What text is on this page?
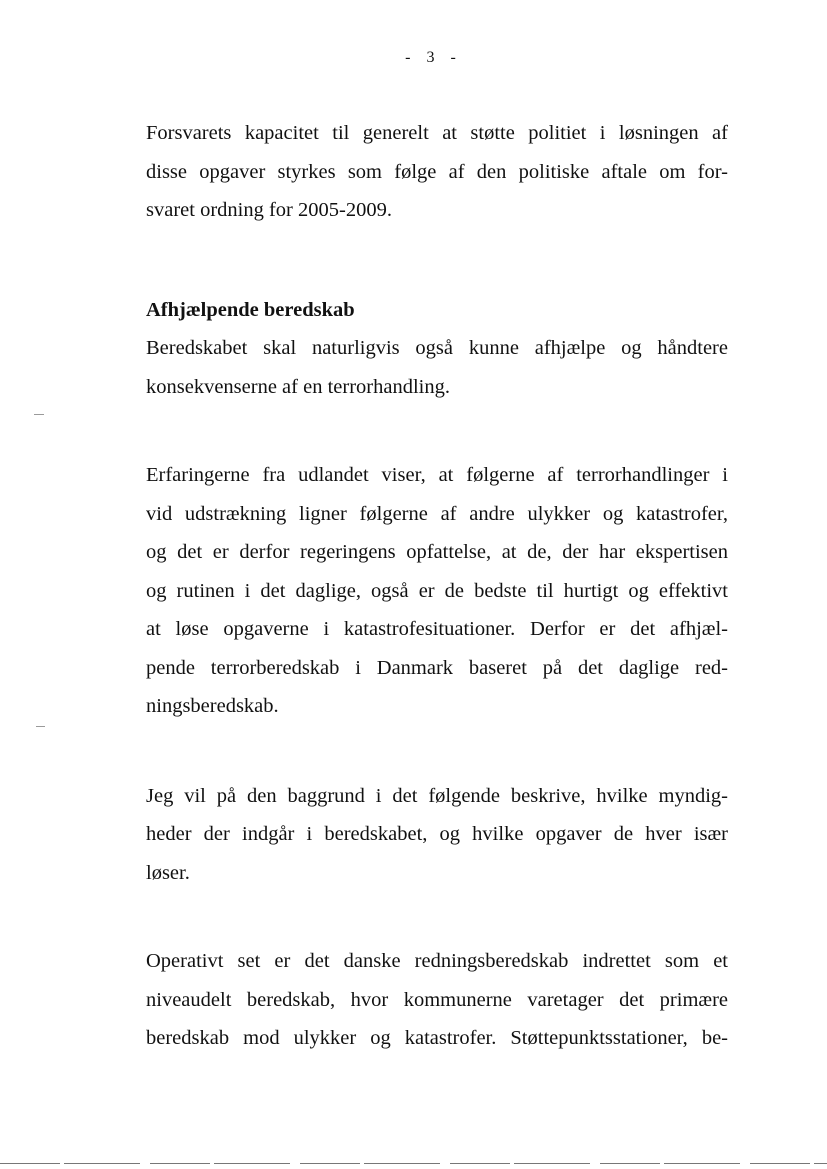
- 3 -

Forsvarets kapacitet til generelt at støtte politiet i løsningen af
disse opgaver styrkes som følge af den politiske aftale om for-
svaret ordning for 2005-2009.

Afhjælpende beredskab

Beredskabet skal naturligvis også kunne afhjælpe og håndtere
konsekvenserne af en terrorhandling.

Erfaringerne fra udlandet viser, at følgerne af terrorhandlinger i
vid udstrækning ligner følgerne af andre ulykker og katastrofer,
og det er derfor regeringens opfattelse, at de, der har ekspertisen
og rutinen i det daglige, også er de bedste til hurtigt og effektivt
at løse opgaverne i katastrofesituationer. Derfor er det afhjæl-
pende terrorberedskab i Danmark baseret på det daglige red-
ningsberedskab.

Jeg vil på den baggrund i det følgende beskrive, hvilke myndig-
heder der indgår i beredskabet, og hvilke opgaver de hver især
løser.

Operativt set er det danske redningsberedskab indrettet som et
niveaudelt beredskab, hvor kommunerne varetager det primære
beredskab mod ulykker og katastrofer. Støttepunktsstationer, be-
